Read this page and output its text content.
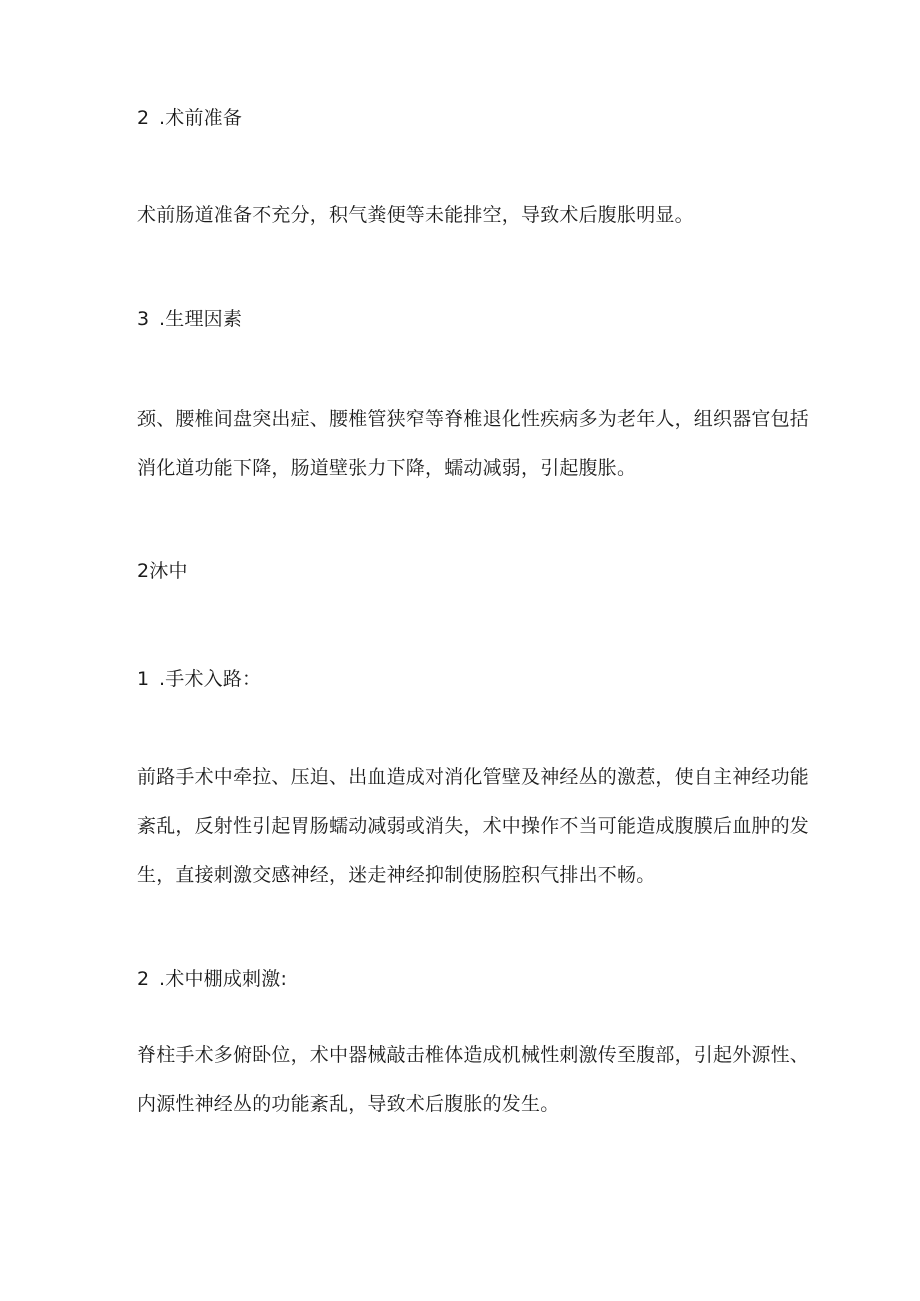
2 .术前准备
术前肠道准备不充分，积气粪便等未能排空，导致术后腹胀明显。
3 .生理因素
颈、腰椎间盘突出症、腰椎管狭窄等脊椎退化性疾病多为老年人，组织器官包括
消化道功能下降，肠道壁张力下降，蠕动减弱，引起腹胀。
2沐中
1 .手术入路：
前路手术中牵拉、压迫、出血造成对消化管壁及神经丛的激惹，使自主神经功能
紊乱，反射性引起胃肠蠕动减弱或消失，术中操作不当可能造成腹膜后血肿的发
生，直接刺激交感神经，迷走神经抑制使肠腔积气排出不畅。
2 .术中棚成刺激:
脊柱手术多俯卧位，术中器械敲击椎体造成机械性刺激传至腹部，引起外源性、
内源性神经丛的功能紊乱，导致术后腹胀的发生。
